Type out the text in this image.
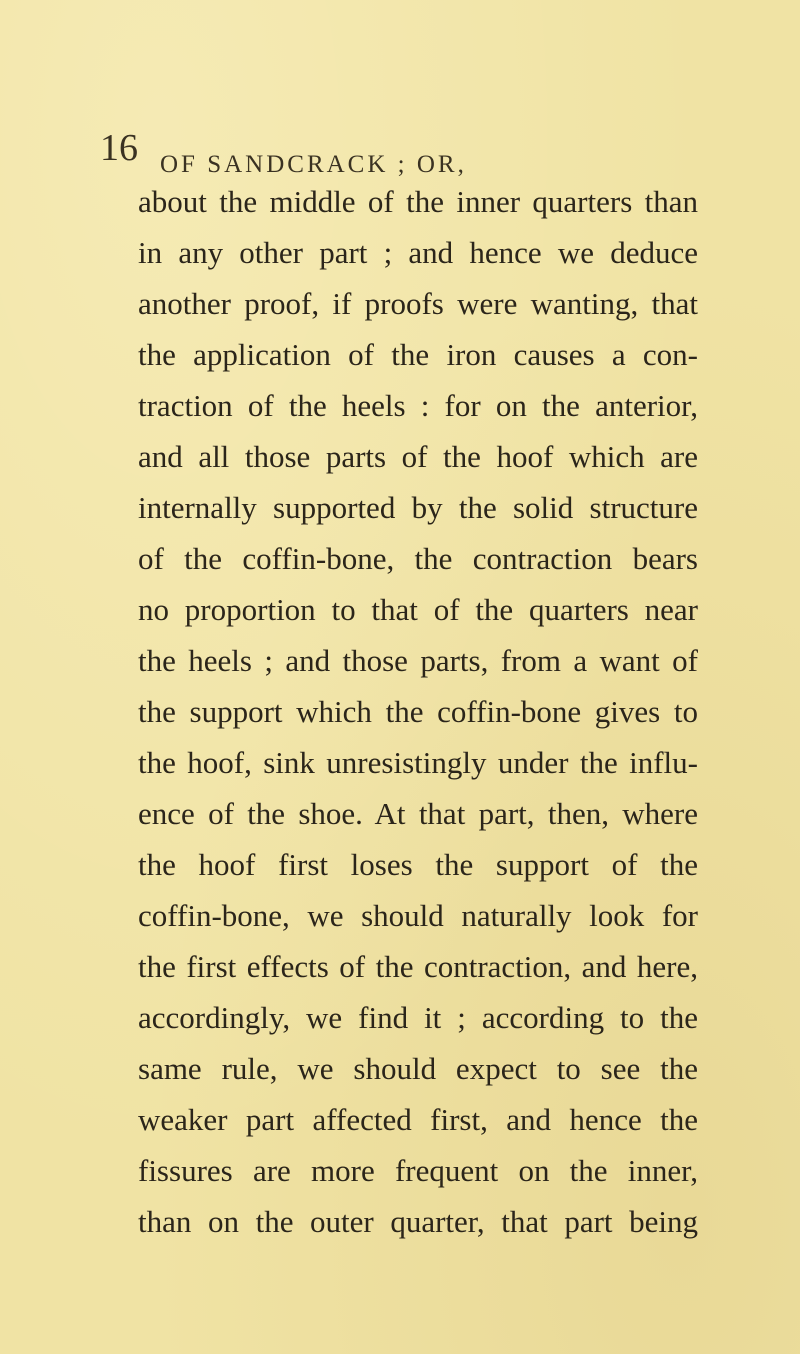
16 OF SANDCRACK ; OR,
about the middle of the inner quarters than
in any other part ; and hence we deduce
another proof, if proofs were wanting, that
the application of the iron causes a con-
traction of the heels : for on the anterior,
and all those parts of the hoof which are
internally supported by the solid structure
of the coffin-bone, the contraction bears
no proportion to that of the quarters near
the heels ; and those parts, from a want of
the support which the coffin-bone gives to
the hoof, sink unresistingly under the influ-
ence of the shoe. At that part, then, where
the hoof first loses the support of the
coffin-bone, we should naturally look for
the first effects of the contraction, and here,
accordingly, we find it ; according to the
same rule, we should expect to see the
weaker part affected first, and hence the
fissures are more frequent on the inner,
than on the outer quarter, that part being
